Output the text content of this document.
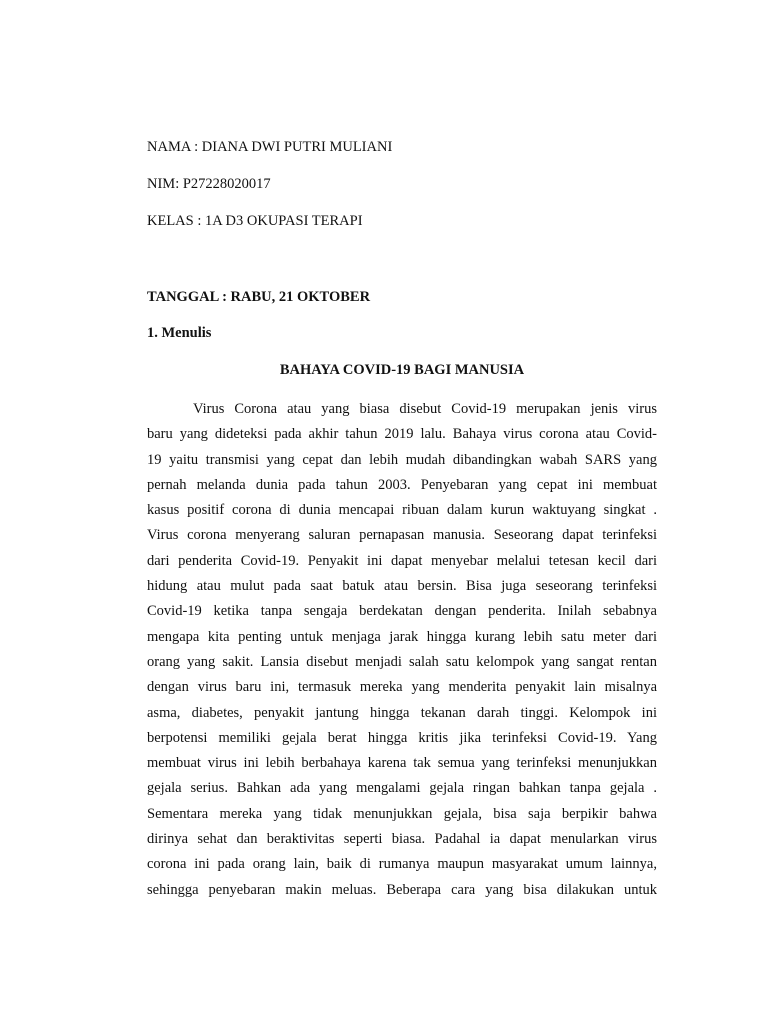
NAMA : DIANA DWI PUTRI MULIANI
NIM: P27228020017
KELAS : 1A D3 OKUPASI TERAPI
TANGGAL : RABU, 21 OKTOBER
1. Menulis
BAHAYA COVID-19 BAGI MANUSIA
Virus Corona atau yang biasa disebut Covid-19 merupakan jenis virus
baru yang dideteksi pada akhir tahun 2019 lalu. Bahaya virus corona atau Covid-
19 yaitu transmisi yang cepat dan lebih mudah dibandingkan wabah SARS yang
pernah melanda dunia pada tahun 2003. Penyebaran yang cepat ini membuat
kasus positif corona di dunia mencapai ribuan dalam kurun waktuyang singkat .
Virus corona menyerang saluran pernapasan manusia. Seseorang dapat terinfeksi
dari penderita Covid-19. Penyakit ini dapat menyebar melalui tetesan kecil dari
hidung atau mulut pada saat batuk atau bersin. Bisa juga seseorang terinfeksi
Covid-19 ketika tanpa sengaja berdekatan dengan penderita. Inilah sebabnya
mengapa kita penting untuk menjaga jarak hingga kurang lebih satu meter dari
orang yang sakit. Lansia disebut menjadi salah satu kelompok yang sangat rentan
dengan virus baru ini, termasuk mereka yang menderita penyakit lain misalnya
asma, diabetes, penyakit jantung hingga tekanan darah tinggi. Kelompok ini
berpotensi memiliki gejala berat hingga kritis jika terinfeksi Covid-19. Yang
membuat virus ini lebih berbahaya karena tak semua yang terinfeksi menunjukkan
gejala serius. Bahkan ada yang mengalami gejala ringan bahkan tanpa gejala .
Sementara mereka yang tidak menunjukkan gejala, bisa saja berpikir bahwa
dirinya sehat dan beraktivitas seperti biasa. Padahal ia dapat menularkan virus
corona ini pada orang lain, baik di rumanya maupun masyarakat umum lainnya,
sehingga penyebaran makin meluas. Beberapa cara yang bisa dilakukan untuk
